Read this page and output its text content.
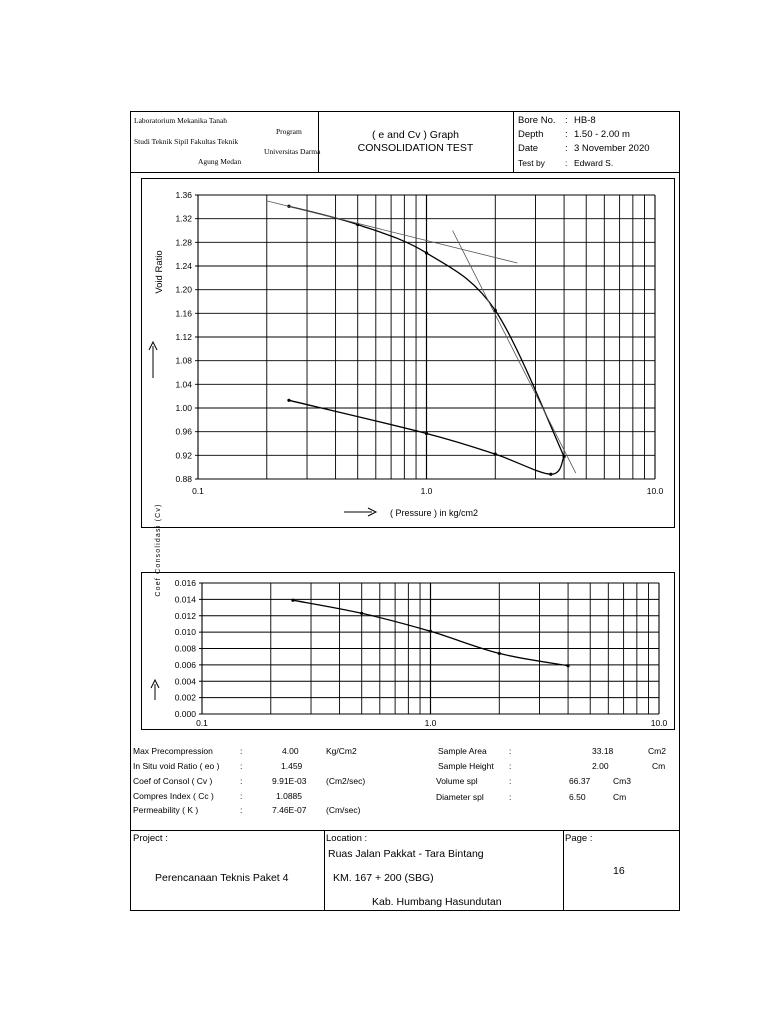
Laboratorium Mekanika Tanah
Program
Studi Teknik Sipil Fakultas Teknik
Universitas Darma
Agung Medan
( e and Cv ) Graph
CONSOLIDATION TEST
Bore No. : HB-8
Depth : 1.50 - 2.00 m
Date	: 3 November 2020
Test by : Edward S.
0.88
0.92
0.96
1.00
1.04
1.08
1.12
1.16
1.20
1.24
1.28
1.32
1.36
0.1	1.0	10.0
Void Ratio
( Pressure ) in kg/cm2
0.000
0.002
0.004
0.006
0.008
0.010
0.012
0.014
0.016
0.1	1.0	10.0
Coef Consolidasi (Cv)
Max Precompression	:	4.00	Kg/Cm2
In Situ void Ratio ( eo ) :	1.459
Coef of Consol ( Cv )	:	9.91E-03 (Cm2/sec)
Compres Index ( Cc )	:	1.0885
Permeability ( K )	:	7.46E-07 (Cm/sec)
Sample Area	:	33.18	Cm2
Sample Height :	2.00	Cm
Volume spl	:	66.37	Cm3
Diameter spl	:	6.50	Cm
Project :
Perencanaan Teknis Paket 4
Location :
Ruas Jalan Pakkat - Tara Bintang
KM. 167 + 200 (SBG)
Kab. Humbang Hasundutan
Page :
16
